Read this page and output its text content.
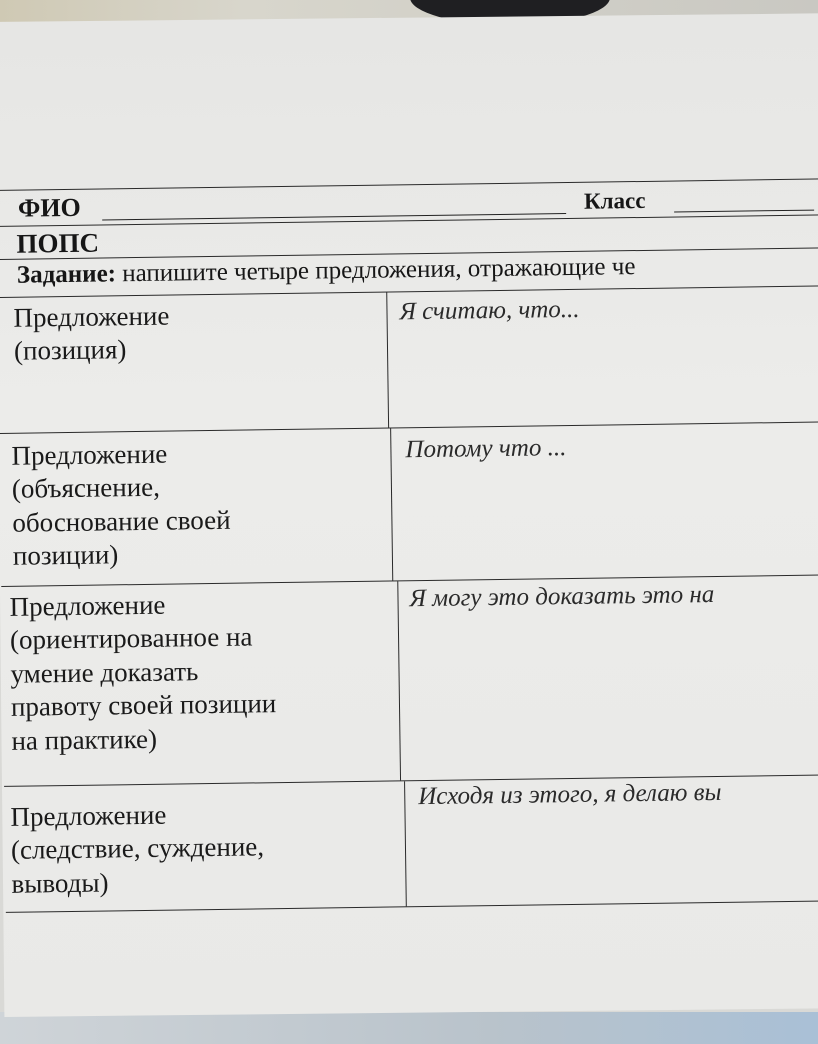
ФИО	Класс
ПОПС
Задание: напишите четыре предложения, отражающие че
Предложение
(позиция)
Я считаю, что...
Предложение
(объяснение,
обоснование своей
позиции)
Потому что ...
Предложение
(ориентированное на
умение доказать
правоту своей позиции
на практике)
Я могу это доказать это на
Предложение
(следствие, суждение,
выводы)
Исходя из этого, я делаю вы
